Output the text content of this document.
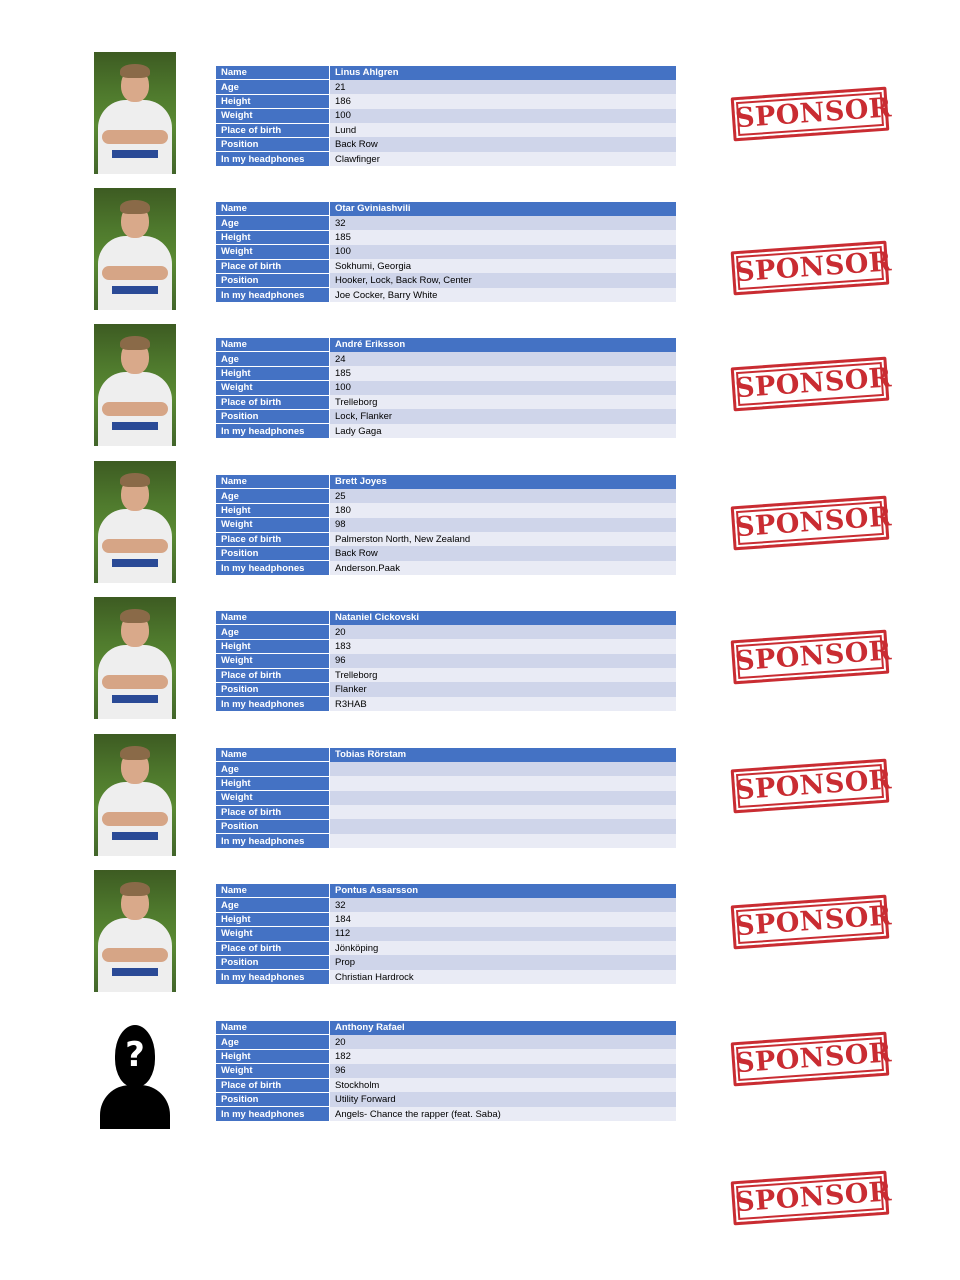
Name	Linus Ahlgren
Age	21
Height	186
Weight	100
Place of birth	Lund
Position	Back Row
In my headphones	Clawfinger
SPONSOR
Name	Otar Gviniashvili
Age	32
Height	185
Weight	100
Place of birth	Sokhumi, Georgia
Position	Hooker, Lock, Back Row, Center
In my headphones	Joe Cocker, Barry White
SPONSOR
Name	André Eriksson
Age	24
Height	185
Weight	100
Place of birth	Trelleborg
Position	Lock, Flanker
In my headphones	Lady Gaga
SPONSOR
Name	Brett Joyes
Age	25
Height	180
Weight	98
Place of birth	Palmerston North, New Zealand
Position	Back Row
In my headphones	Anderson.Paak
SPONSOR
Name	Nataniel Cickovski
Age	20
Height	183
Weight	96
Place of birth	Trelleborg
Position	Flanker
In my headphones	R3HAB
SPONSOR
Name	Tobias Rörstam
Age	
Height	
Weight	
Place of birth	
Position	
In my headphones	
SPONSOR
Name	Pontus Assarsson
Age	32
Height	184
Weight	112
Place of birth	Jönköping
Position	Prop
In my headphones	Christian Hardrock
SPONSOR
?
Name	Anthony Rafael
Age	20
Height	182
Weight	96
Place of birth	Stockholm
Position	Utility Forward
In my headphones	Angels- Chance the rapper (feat. Saba)
SPONSOR
SPONSOR
